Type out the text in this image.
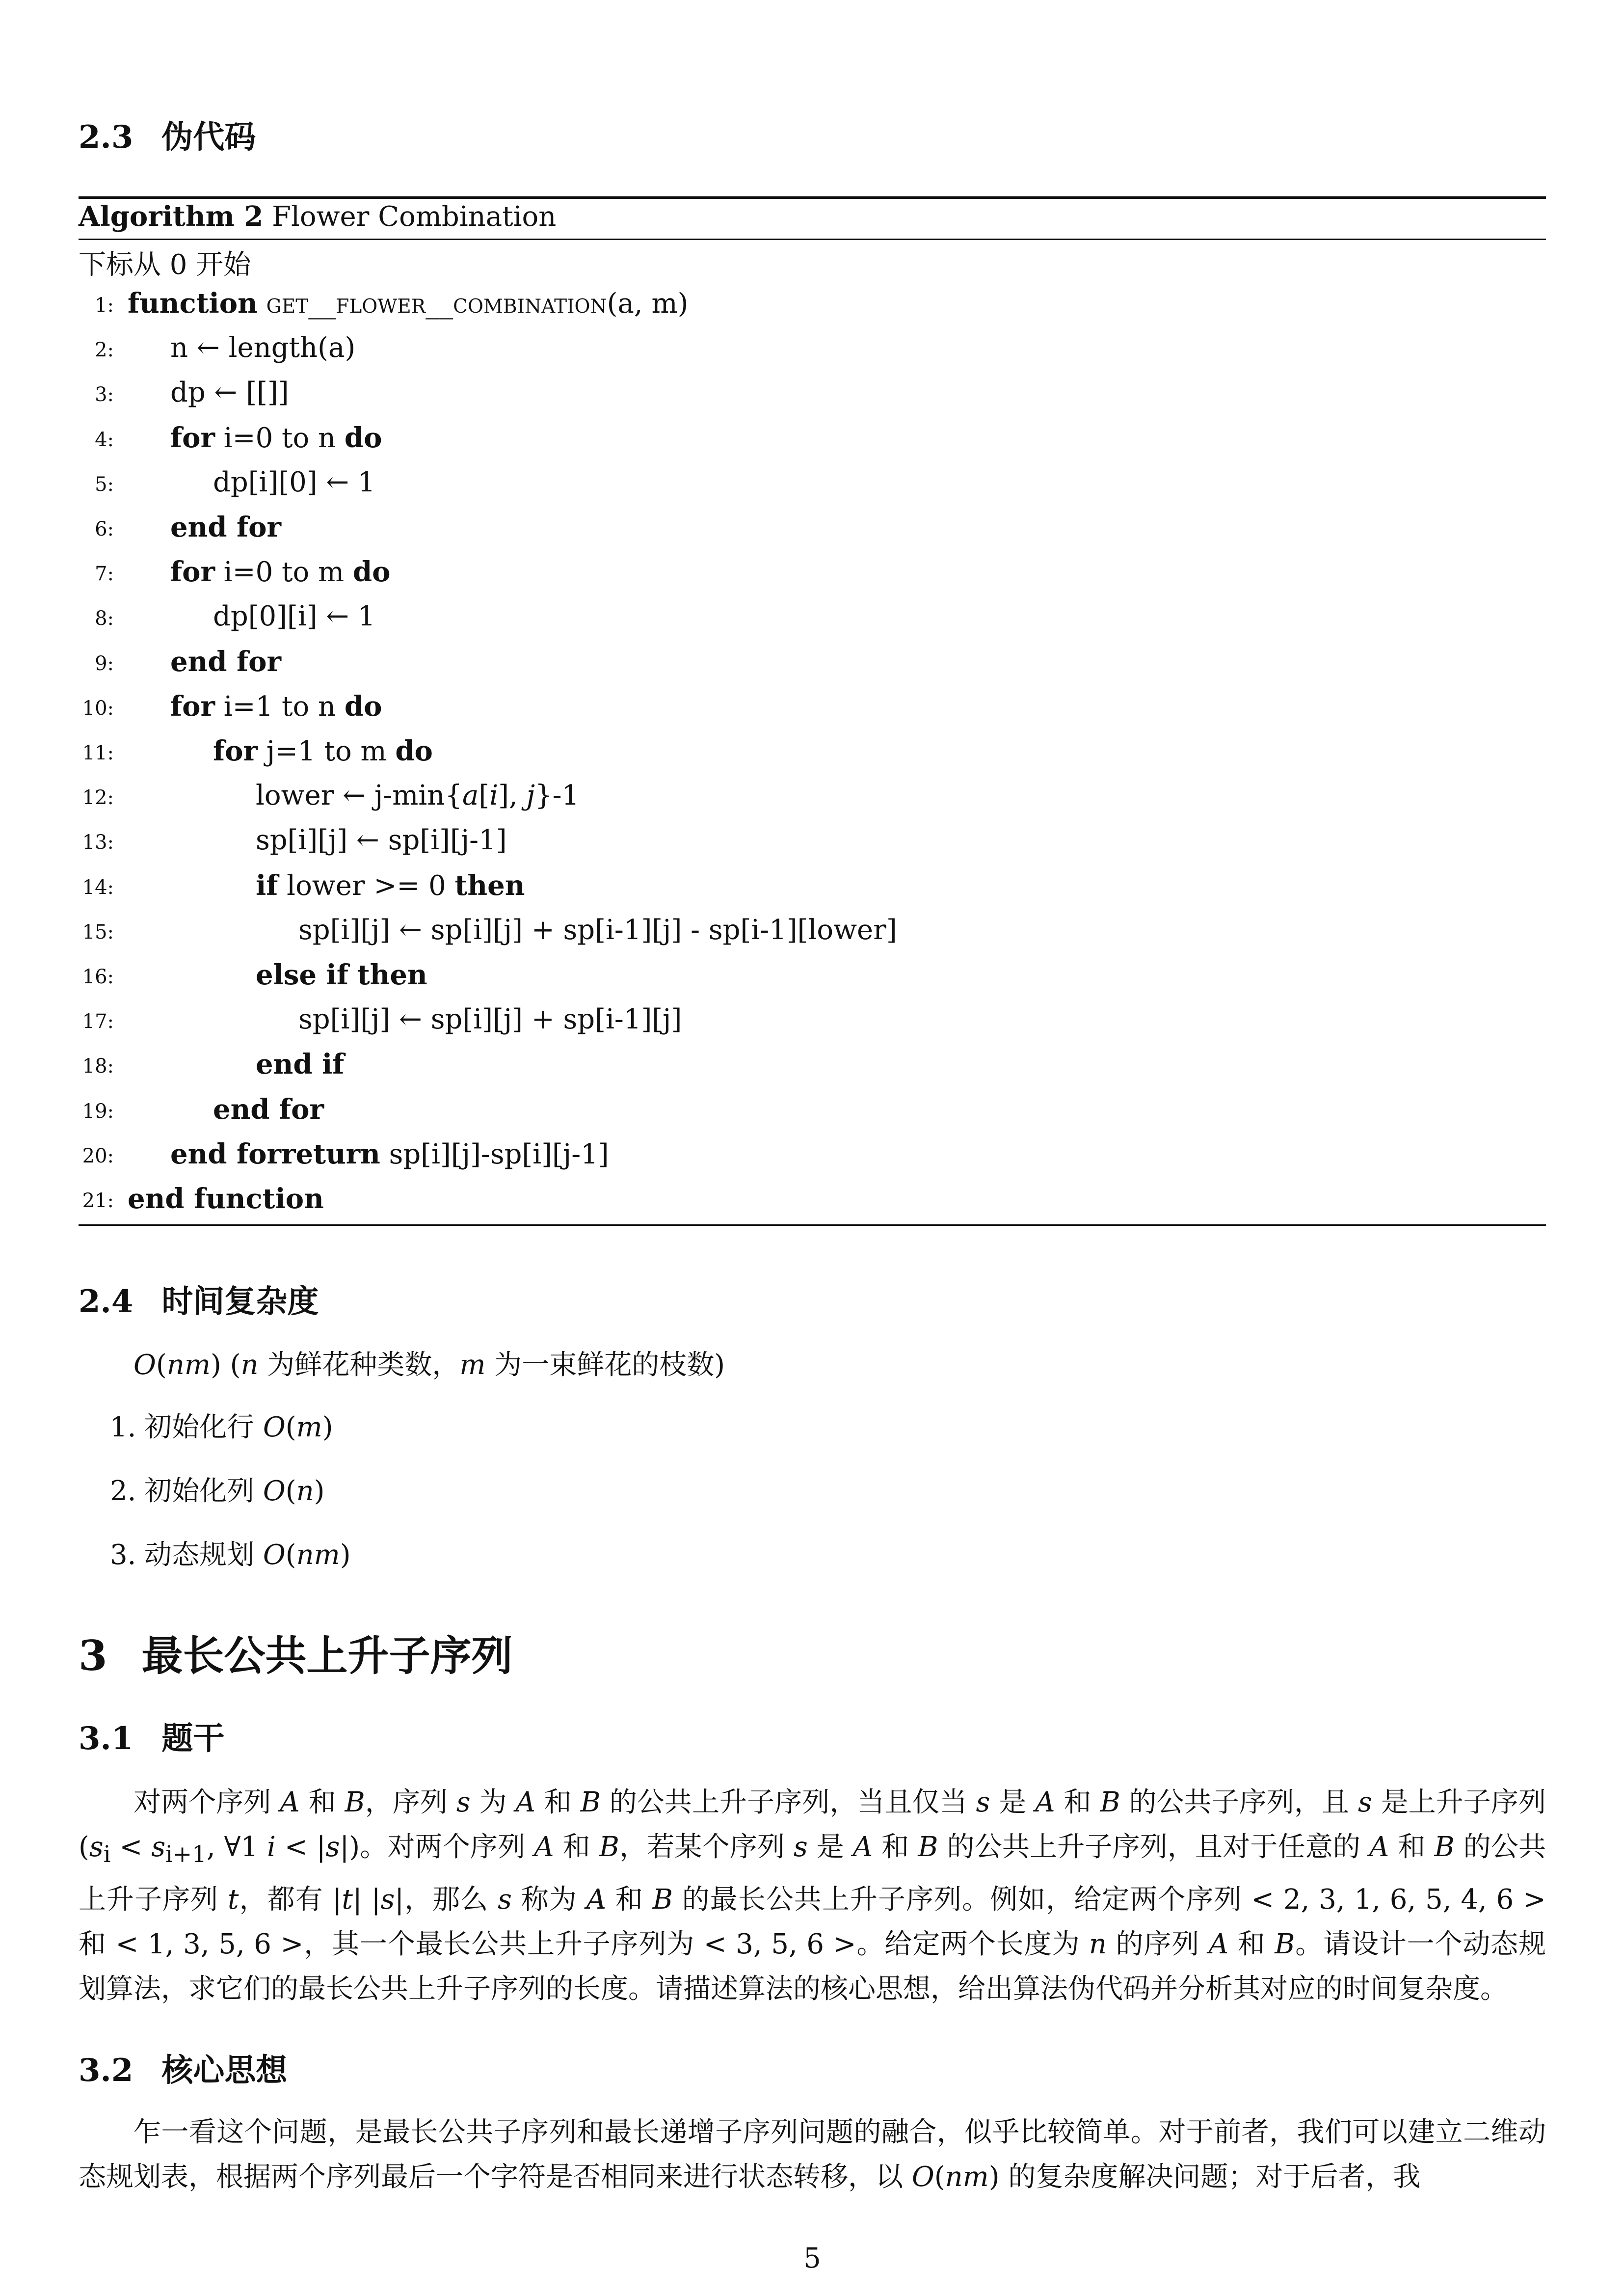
2.3 伪代码
Algorithm 2 Flower Combination
下标从 0 开始
1: function get__flower__combination(a, m)
2: n ← length(a)
3: dp ← [[]]
4: for i=0 to n do
5:	dp[i][0] ← 1
6: end for
7: for i=0 to m do
8:	dp[0][i] ← 1
9: end for
10: for i=1 to n do
11:	for j=1 to m do
12:	lower ← j-min{a[i], j}-1
13:	sp[i][j] ← sp[i][j-1]
14:	if lower >= 0 then
15:	sp[i][j] ← sp[i][j] + sp[i-1][j] - sp[i-1][lower]
16:	else if then
17:	sp[i][j] ← sp[i][j] + sp[i-1][j]
18:	end if
19:	end for
20: end forreturn sp[i][j]-sp[i][j-1]
21: end function
2.4 时间复杂度
O(nm) (n 为鲜花种类数，m 为一束鲜花的枝数)
1. 初始化行 O(m)
2. 初始化列 O(n)
3. 动态规划 O(nm)
3 最长公共上升子序列
3.1 题干
对两个序列 A 和 B，序列 s 为 A 和 B 的公共上升子序列，当且仅当 s 是 A 和 B 的公共子序列，且 s 是上升子序列 ($s_i < s_{i+1}$, ∀1 i < |s|)。对两个序列 A 和 B，若某个序列 s 是 A 和 B 的公共上升子序列，且对于任意的 A 和 B 的公共上升子序列 t，都有 |t| |s|，那么 s 称为 A 和 B 的最长公共上升子序列。例如，给定两个序列 < 2, 3, 1, 6, 5, 4, 6 > 和 < 1, 3, 5, 6 >，其一个最长公共上升子序列为 < 3, 5, 6 >。给定两个长度为 n 的序列 A 和 B。请设计一个动态规划算法，求它们的最长公共上升子序列的长度。请描述算法的核心思想，给出算法伪代码并分析其对应的时间复杂度。
3.2 核心思想
乍一看这个问题，是最长公共子序列和最长递增子序列问题的融合，似乎比较简单。对于前者，我们可以建立二维动态规划表，根据两个序列最后一个字符是否相同来进行状态转移，以 O(nm) 的复杂度解决问题；对于后者，我
5
